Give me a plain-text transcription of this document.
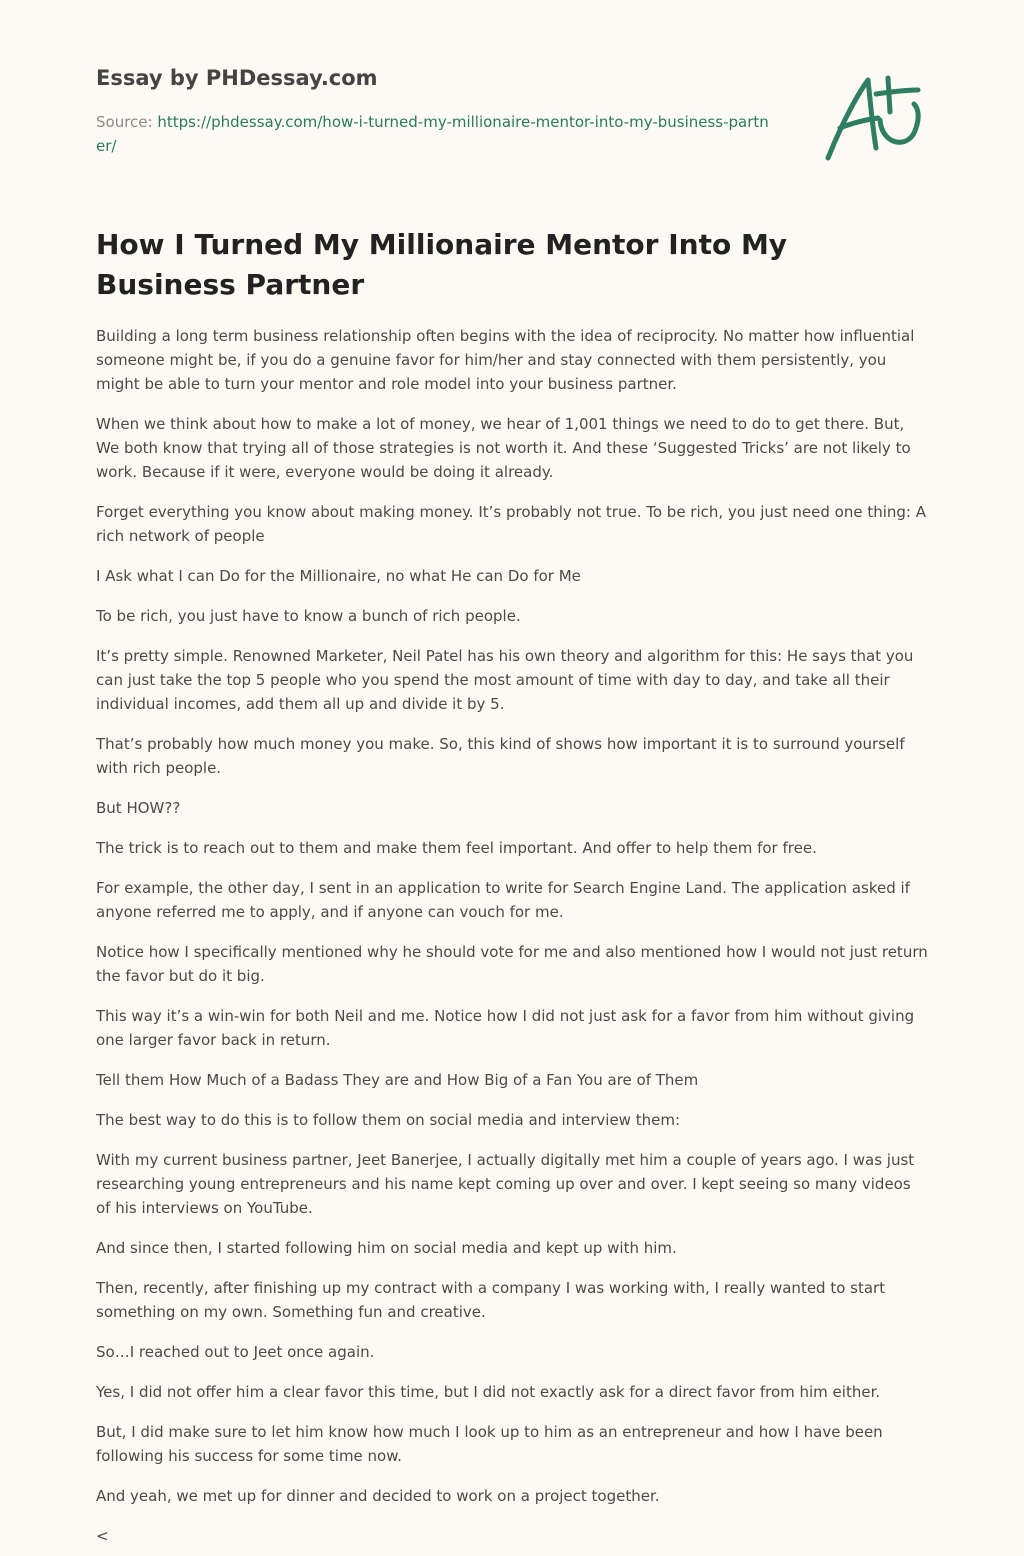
Essay by PHDessay.com
Source: https://phdessay.com/how-i-turned-my-millionaire-mentor-into-my-business-partner/
How I Turned My Millionaire Mentor Into My Business Partner

Building a long term business relationship often begins with the idea of reciprocity. No matter how influential someone might be, if you do a genuine favor for him/her and stay connected with them persistently, you might be able to turn your mentor and role model into your business partner.

When we think about how to make a lot of money, we hear of 1,001 things we need to do to get there. But, We both know that trying all of those strategies is not worth it. And these ‘Suggested Tricks’ are not likely to work. Because if it were, everyone would be doing it already.

Forget everything you know about making money. It’s probably not true. To be rich, you just need one thing: A rich network of people

I Ask what I can Do for the Millionaire, no what He can Do for Me

To be rich, you just have to know a bunch of rich people.

It’s pretty simple. Renowned Marketer, Neil Patel has his own theory and algorithm for this: He says that you can just take the top 5 people who you spend the most amount of time with day to day, and take all their individual incomes, add them all up and divide it by 5.

That’s probably how much money you make. So, this kind of shows how important it is to surround yourself with rich people.

But HOW??

The trick is to reach out to them and make them feel important. And offer to help them for free.

For example, the other day, I sent in an application to write for Search Engine Land. The application asked if anyone referred me to apply, and if anyone can vouch for me.

Notice how I specifically mentioned why he should vote for me and also mentioned how I would not just return the favor but do it big.

This way it’s a win-win for both Neil and me. Notice how I did not just ask for a favor from him without giving one larger favor back in return.

Tell them How Much of a Badass They are and How Big of a Fan You are of Them

The best way to do this is to follow them on social media and interview them:

With my current business partner, Jeet Banerjee, I actually digitally met him a couple of years ago. I was just researching young entrepreneurs and his name kept coming up over and over. I kept seeing so many videos of his interviews on YouTube.

And since then, I started following him on social media and kept up with him.

Then, recently, after finishing up my contract with a company I was working with, I really wanted to start something on my own. Something fun and creative.

So…I reached out to Jeet once again.

Yes, I did not offer him a clear favor this time, but I did not exactly ask for a direct favor from him either.

But, I did make sure to let him know how much I look up to him as an entrepreneur and how I have been following his success for some time now.

And yeah, we met up for dinner and decided to work on a project together.

<
